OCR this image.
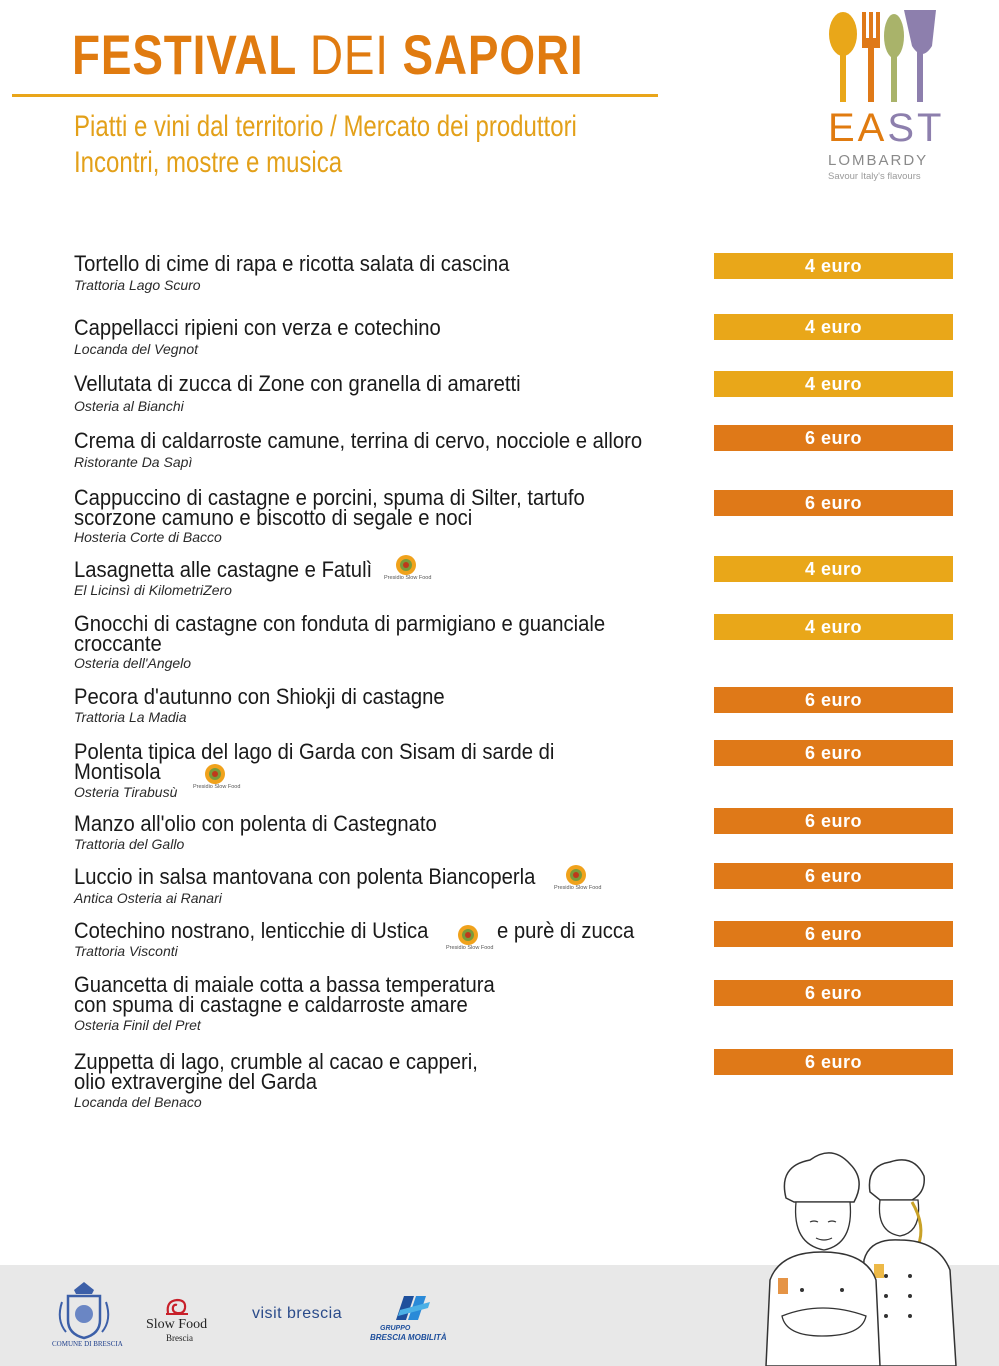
FESTIVAL DEI SAPORI
Piatti e vini dal territorio / Mercato dei produttori
Incontri, mostre e musica
EAST
LOMBARDY
Savour Italy's flavours
Tortello di cime di rapa e ricotta salata di cascina
Trattoria Lago Scuro
4 euro
Cappellacci ripieni con verza e cotechino
Locanda del Vegnot
4 euro
Vellutata di zucca di Zone con granella di amaretti
Osteria al Bianchi
4 euro
Crema di caldarroste camune, terrina di cervo, nocciole e alloro
Ristorante Da Sapì
6 euro
Cappuccino di castagne e porcini, spuma di Silter, tartufo
scorzone camuno e biscotto di segale e noci
Hosteria Corte di Bacco
6 euro
Lasagnetta alle castagne e Fatulì Presidio Slow Food
El Licinsì di KilometriZero
4 euro
Gnocchi di castagne con fonduta di parmigiano e guanciale
croccante
Osteria dell'Angelo
4 euro
Pecora d'autunno con Shiokji di castagne
Trattoria La Madia
6 euro
Polenta tipica del lago di Garda con Sisam di sarde di
Montisola
Presidio Slow Food
Osteria Tirabusù
6 euro
Manzo all'olio con polenta di Castegnato
Trattoria del Gallo
6 euro
Luccio in salsa mantovana con polenta Biancoperla	Presidio Slow Food
Antica Osteria ai Ranari
6 euro
Cotechino nostrano, lenticchie di Ustica
Presidio Slow Food
e purè di zucca
Trattoria Visconti
6 euro
Guancetta di maiale cotta a bassa temperatura
con spuma di castagne e caldarroste amare
Osteria Finil del Pret
6 euro
Zuppetta di lago, crumble al cacao e capperi,
olio extravergine del Garda
Locanda del Benaco
6 euro
COMUNE DI BRESCIA
Slow Food
Brescia
visit brescia
GRUPPO
BRESCIA MOBILITÀ
